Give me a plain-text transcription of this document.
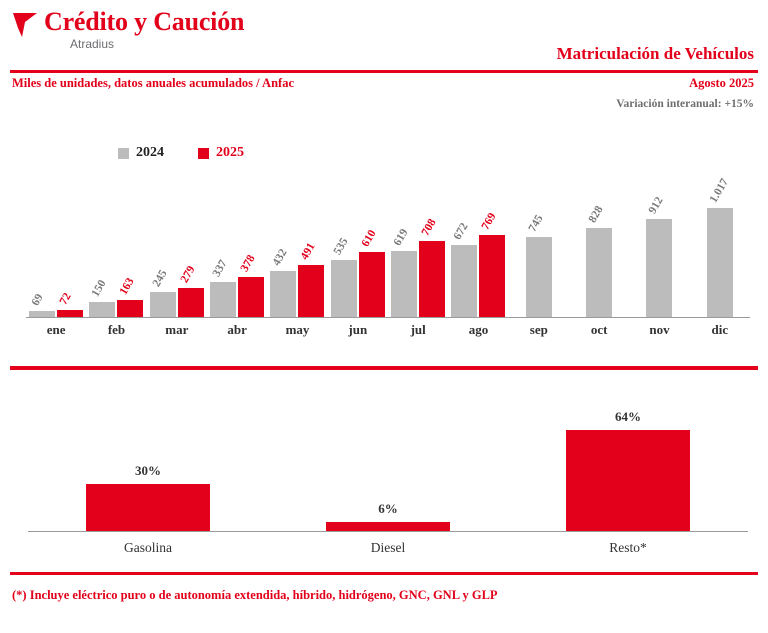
Crédito y Caución
Atradius	Matriculación de Vehículos
Miles de unidades, datos anuales acumulados / Anfac	Agosto 2025
Variación interanual: +15%
2024	2025
69 72
150 163 245 279 337 378 432 491 535 610 619 708 672
769 745	828	912
1.017
ene	feb	mar	abr	may	jun	jul	ago	sep	oct	nov	dic
30%
Gasolina
6%
Diesel
64%
Resto*
(*) Incluye eléctrico puro o de autonomía extendida, híbrido, hidrógeno, GNC, GNL y GLP
